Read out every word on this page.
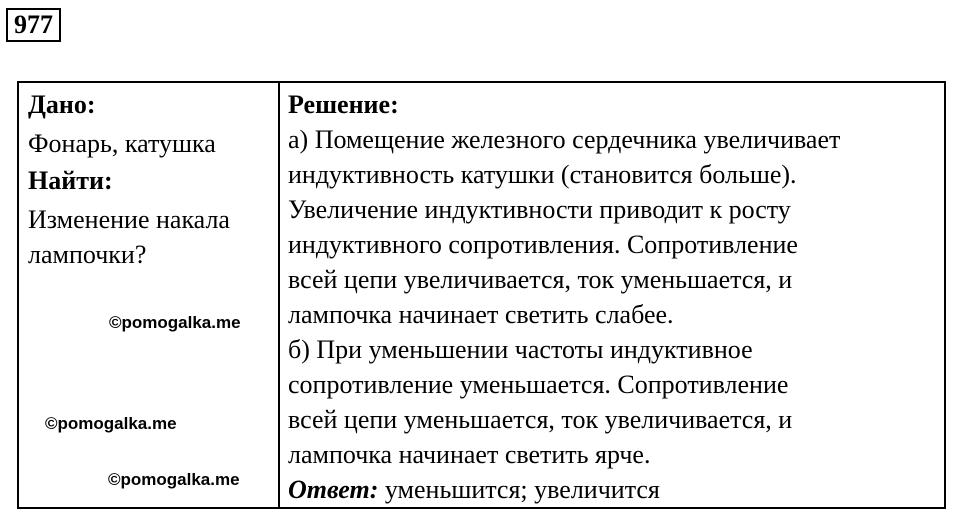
977
Дано:
Фонарь, катушка
Найти:
Изменение накала
лампочки?
Решение:
а) Помещение железного сердечника увеличивает
индуктивность катушки (становится больше).
Увеличение индуктивности приводит к росту
индуктивного сопротивления. Сопротивление
всей цепи увеличивается, ток уменьшается, и
лампочка начинает светить слабее.
б) При уменьшении частоты индуктивное
сопротивление уменьшается. Сопротивление
всей цепи уменьшается, ток увеличивается, и
лампочка начинает светить ярче.
Ответ: уменьшится; увеличится
©pomogalka.me
©pomogalka.me
©pomogalka.me
